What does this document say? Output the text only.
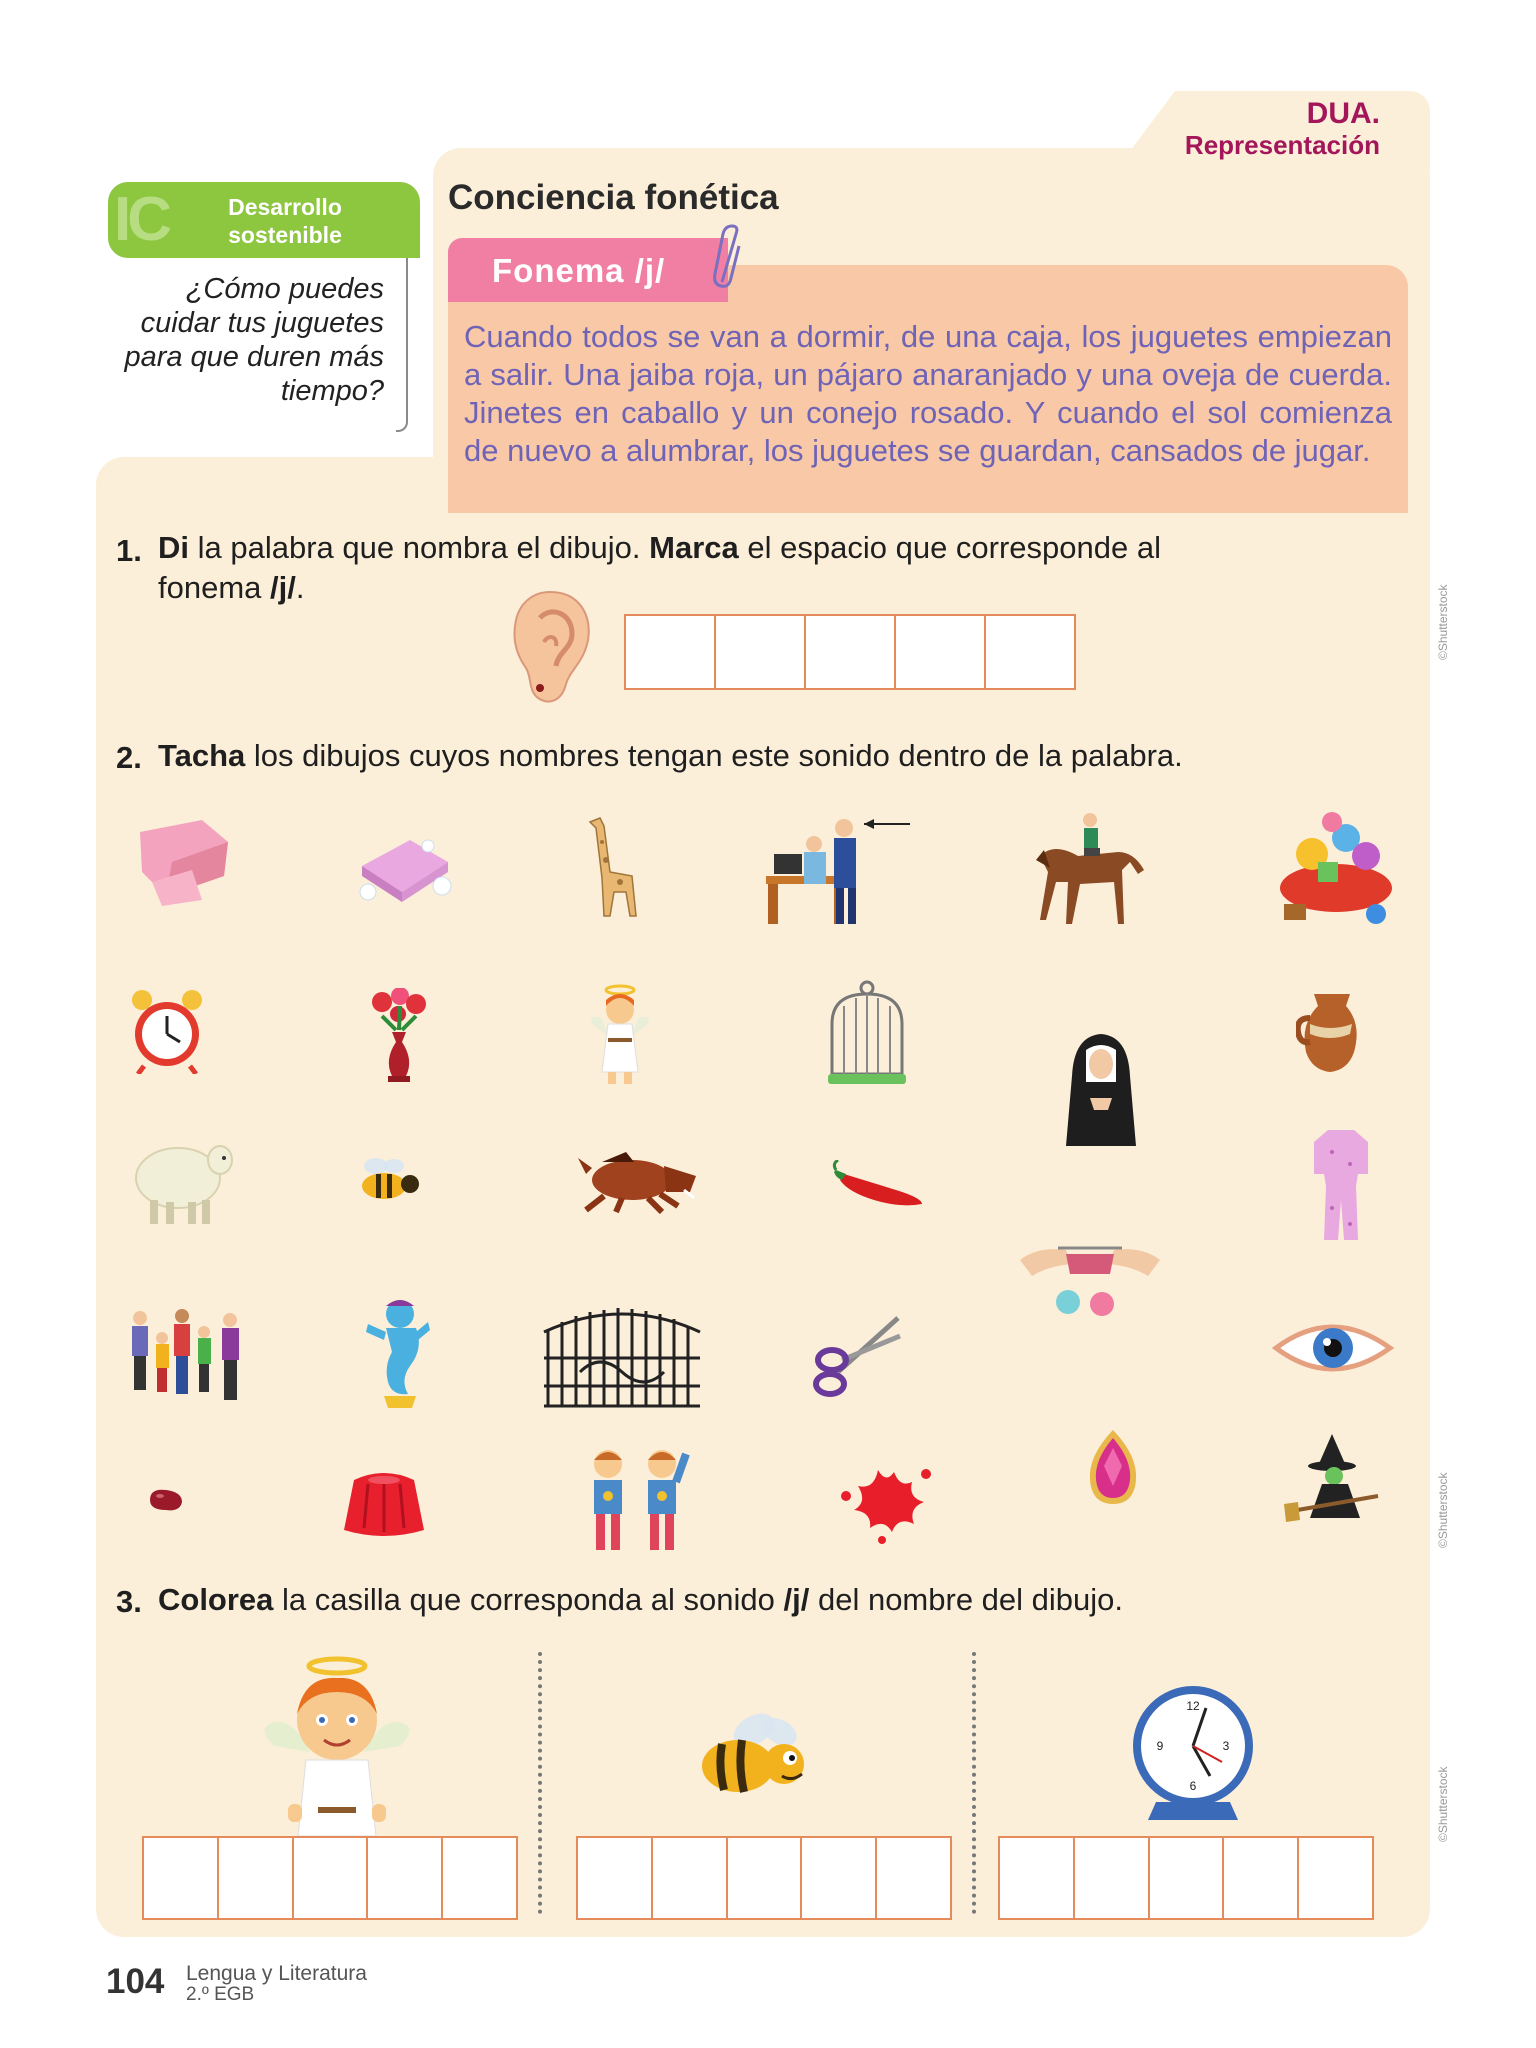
DUA.
Representación
IC	Desarrollo
sostenible
¿Cómo puedes cuidar tus juguetes para que duren más tiempo?
Conciencia fonética
Fonema /j/
Cuando todos se van a dormir, de una caja, los juguetes empiezan a salir. Una jaiba roja, un pájaro anaranjado y una oveja de cuerda. Jinetes en caballo y un conejo rosado. Y cuando el sol comienza de nuevo a alumbrar, los juguetes se guardan, cansados de jugar.
1. Di la palabra que nombra el dibujo. Marca el espacio que corresponde al
fonema /j/.
2. Tacha los dibujos cuyos nombres tengan este sonido dentro de la palabra.
3. Colorea la casilla que corresponda al sonido /j/ del nombre del dibujo.
12
3
6
9
©Shutterstock
©Shutterstock
©Shutterstock
104 Lengua y Literatura
2.º EGB
